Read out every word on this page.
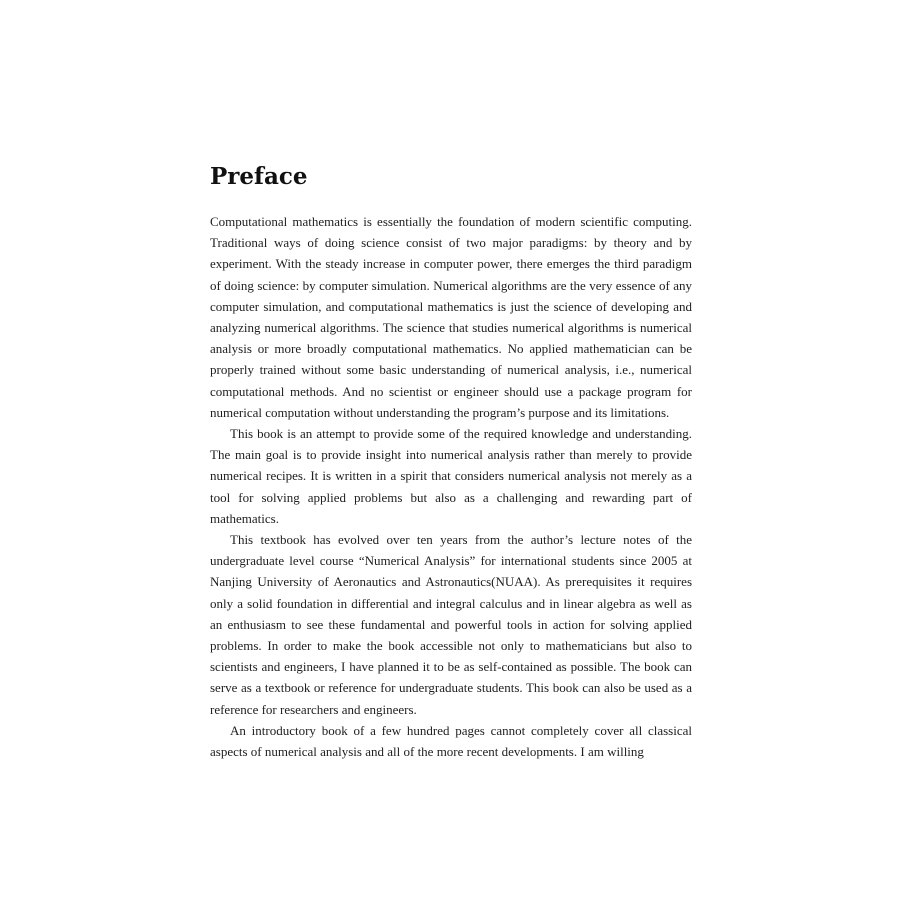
Preface

Computational mathematics is essentially the foundation of modern scientific computing. Traditional ways of doing science consist of two major paradigms: by theory and by experiment. With the steady increase in computer power, there emerges the third paradigm of doing science: by computer simulation. Numerical algorithms are the very essence of any computer simulation, and computational mathematics is just the science of developing and analyzing numerical algorithms. The science that studies numerical algorithms is numerical analysis or more broadly computational mathematics. No applied mathematician can be properly trained without some basic understanding of numerical analysis, i.e., numerical computational methods. And no scientist or engineer should use a package program for numerical computation without understanding the program’s purpose and its limitations.

This book is an attempt to provide some of the required knowledge and understanding. The main goal is to provide insight into numerical analysis rather than merely to provide numerical recipes. It is written in a spirit that considers numerical analysis not merely as a tool for solving applied problems but also as a challenging and rewarding part of mathematics.

This textbook has evolved over ten years from the author’s lecture notes of the undergraduate level course “Numerical Analysis” for international students since 2005 at Nanjing University of Aeronautics and Astronautics(NUAA). As prerequisites it requires only a solid foundation in differential and integral calculus and in linear algebra as well as an enthusiasm to see these fundamental and powerful tools in action for solving applied problems. In order to make the book accessible not only to mathematicians but also to scientists and engineers, I have planned it to be as self-contained as possible. The book can serve as a textbook or reference for undergraduate students. This book can also be used as a reference for researchers and engineers.

An introductory book of a few hundred pages cannot completely cover all classical aspects of numerical analysis and all of the more recent developments. I am willing
